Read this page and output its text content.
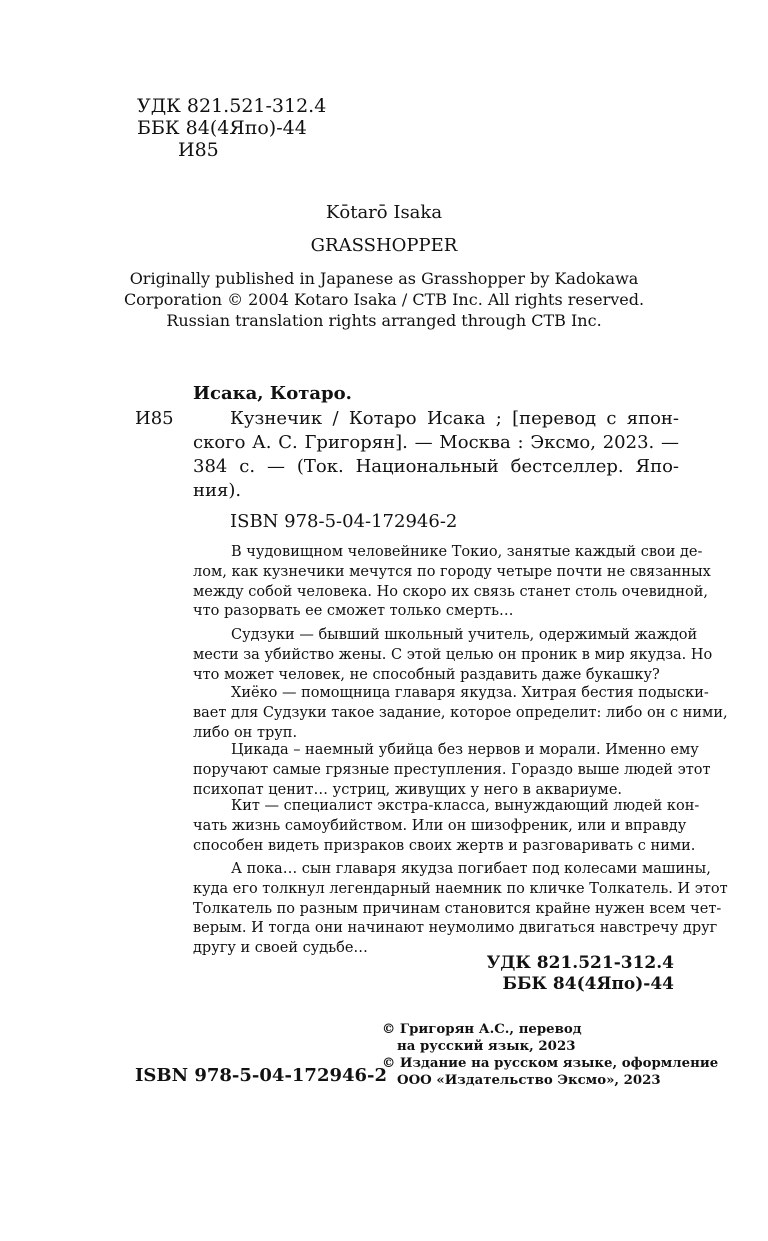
УДК 821.521-312.4
ББК 84(4Япо)-44
И85
Kōtarō Isaka
GRASSHOPPER
Originally published in Japanese as Grasshopper by Kadokawa
Corporation © 2004 Kotaro Isaka / CTB Inc. All rights reserved.
Russian translation rights arranged through CTB Inc.
Исака, Котаро.
И85	Кузнечик / Котаро Исака ; [перевод с япон-
ского А. С. Григорян]. — Москва : Эксмо, 2023. —
384 с. — (Ток. Национальный бестселлер. Япо-
ния).
ISBN 978-5-04-172946-2
В чудовищном человейнике Токио, занятые каждый свои де-
лом, как кузнечики мечутся по городу четыре почти не связанных
между собой человека. Но скоро их связь станет столь очевидной,
что разорвать ее сможет только смерть…
Судзуки — бывший школьный учитель, одержимый жаждой
мести за убийство жены. С этой целью он проник в мир якудза. Но
что может человек, не способный раздавить даже букашку?
Хиёко — помощница главаря якудза. Хитрая бестия подыски-
вает для Судзуки такое задание, которое определит: либо он с ними,
либо он труп.
Цикада – наемный убийца без нервов и морали. Именно ему
поручают самые грязные преступления. Гораздо выше людей этот
психопат ценит… устриц, живущих у него в аквариуме.
Кит — специалист экстра-класса, вынуждающий людей кон-
чать жизнь самоубийством. Или он шизофреник, или и вправду
способен видеть призраков своих жертв и разговаривать с ними.
А пока… сын главаря якудза погибает под колесами машины,
куда его толкнул легендарный наемник по кличке Толкатель. И этот
Толкатель по разным причинам становится крайне нужен всем чет-
верым. И тогда они начинают неумолимо двигаться навстречу друг
другу и своей судьбе…
УДК 821.521-312.4
ББК 84(4Япо)-44
ISBN 978-5-04-172946-2
© Григорян А.С., перевод
на русский язык, 2023
© Издание на русском языке, оформление
ООО «Издательство Эксмо», 2023
